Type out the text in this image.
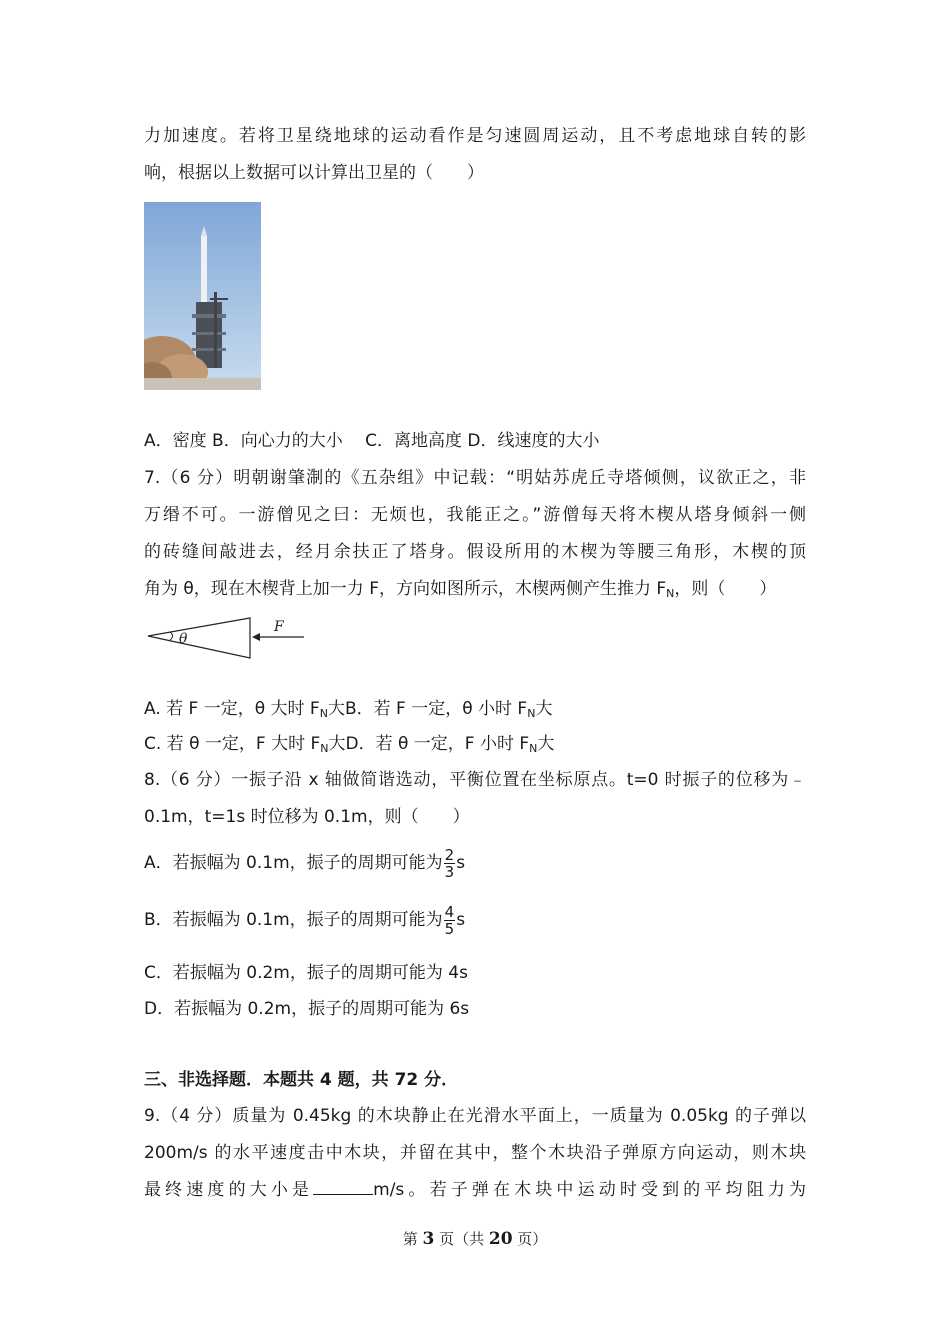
力加速度。若将卫星绕地球的运动看作是匀速圆周运动，且不考虑地球自转的影
响，根据以上数据可以计算出卫星的（　　）
A．密度 B．向心力的大小　 C．离地高度 D．线速度的大小
7.（6 分）明朝谢肇淛的《五杂组》中记载：“明姑苏虎丘寺塔倾侧，议欲正之，非
万缗不可。一游僧见之曰：无烦也，我能正之。”游僧每天将木楔从塔身倾斜一侧
的砖缝间敲进去，经月余扶正了塔身。假设所用的木楔为等腰三角形，木楔的顶
角为 θ，现在木楔背上加一力 F，方向如图所示，木楔两侧产生推力 $F_N$，则（　　）
θ
F
A. 若 F 一定，θ 大时 $F_N$大B．若 F 一定，θ 小时 $F_N$大
C. 若 θ 一定，F 大时 $F_N$大D．若 θ 一定，F 小时 $F_N$大
8.（6 分）一振子沿 x 轴做简谐选动，平衡位置在坐标原点。t=0 时振子的位移为﹣
0.1m，t=1s 时位移为 0.1m，则（　　）
A．若振幅为 0.1m，振子的周期可能为 $\frac{2}{3}$ s
B．若振幅为 0.1m，振子的周期可能为 $\frac{4}{5}$ s
C．若振幅为 0.2m，振子的周期可能为 4s
D．若振幅为 0.2m，振子的周期可能为 6s
三、非选择题．本题共 4 题，共 72 分．
9.（4 分）质量为 0.45kg 的木块静止在光滑水平面上，一质量为 0.05kg 的子弹以
200m/s 的水平速度击中木块，并留在其中，整个木块沿子弹原方向运动，则木块
最终速度的大小是	m/s。若子弹在木块中运动时受到的平均阻力为
第 3 页（共 20 页）
